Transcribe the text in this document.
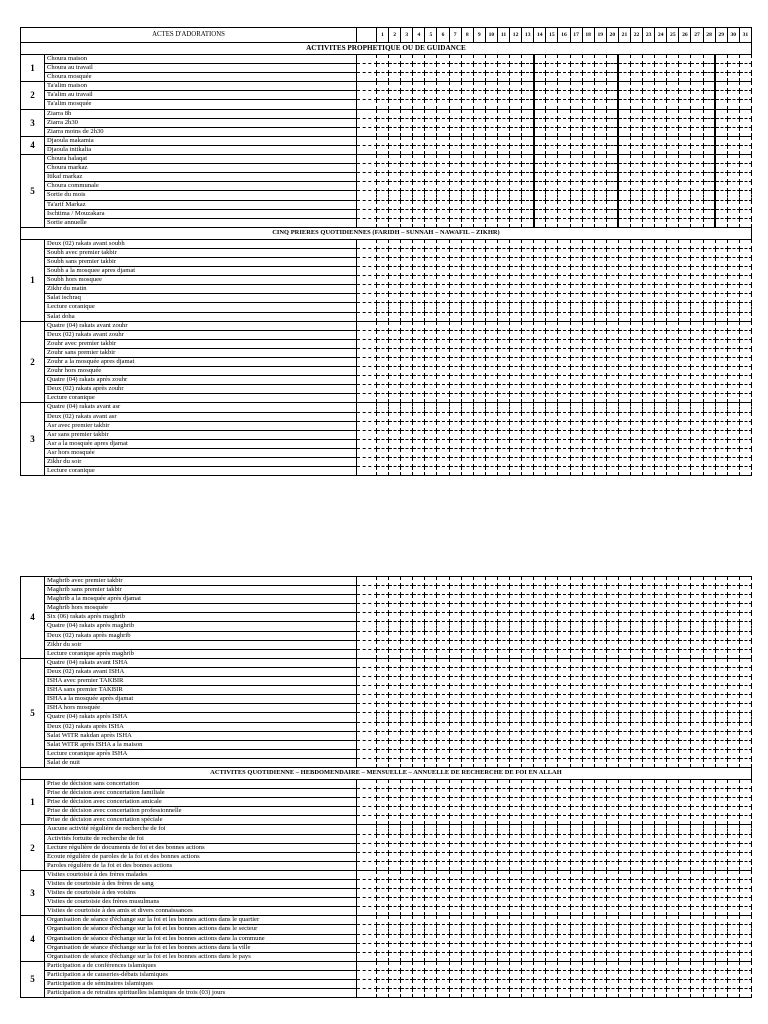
ACTES D'ADORATIONS			1	2	3	4	5	6	7	8	9	10	11	12	13	14	15	16	17	18	19	20	21	22	23	24	25	26	27	28	29	30	31
ACTIVITES PROPHETIQUE OU DE GUIDANCE																																	
1	Choura maison																																
	Choura au travail																																
	Choura mosquée																																
2	Ta'alim maison																																
	Ta'alim au travail																																
	Ta'alim mosquée																																
3	Ziarra 8h																																
	Ziarra 2h30																																
	Ziarra moins de 2h30																																
4	Djaoula makamia																																
	Djaoula intikalia																																
5	Choura halaqat																																
	Choura markaz																																
	Itikaf markaz																																
	Choura communale																																
	Sortie du mois																																
	Ta'arif Markaz																																
	Ischtima / Mouzakara																																
	Sortie annuelle																																
CINQ PRIERES QUOTIDIENNES (FARIDH – SUNNAH – NAWAFIL – ZIKHR)																																	
1	Deux (02) rakats avant soubh																																
	Soubh avec premier takbir																																
	Soubh sans premier takbir																																
	Soubh a la mosquee apres djamat																																
	Soubh hors mosquee																																
	Zikhr du matin																																
	Salat ischraq																																
	Lecture coranique																																
	Salat doha																																
2	Quatre (04) rakats avant zouhr																																
	Deux (02) rakats avant zouhr																																
	Zouhr avec premier takbir																																
	Zouhr sans premier takbir																																
	Zouhr a la mosquée apres djamat																																
	Zouhr hors mosquée																																
	Quatre (04) rakats après zouhr																																
	Deux (02) rakats après zouhr																																
	Lecture coranique																																
3	Quatre (04) rakats avant asr																																
	Deux (02) rakats avant asr																																
	Asr avec premier takbir																																
	Asr sans premier takbir																																
	Asr a la mosquée apres djamat																																
	Asr hors mosquée																																
	Zikhr du soir																																
	Lecture coranique																																
4	Maghrib avec premier takbir																																
	Maghrib sans premier takbir																																
	Maghrib a la mosquée après djamat																																
	Maghrib hors mosquée																																
	Six (06) rakats après maghrib																																
	Quatre (04) rakats après maghrib																																
	Deux (02) rakats après maghrib																																
	Zikhr du soir																																
	Lecture coranique après maghrib																																
5	Quatre (04) rakats avant ISHA																																
	Deux (02) rakats avant ISHA																																
	ISHA avec premier TAKBIR																																
	ISHA sans premier TAKBIR																																
	ISHA a la mosquée après djamat																																
	ISHA hors mosquée																																
	Quatre (04) rakats après ISHA																																
	Deux (02) rakats après ISHA																																
	Salat WITR nakdan après ISHA																																
	Salat WITR après ISHA a la maison																																
	Lecture coranique après ISHA																																
	Salat de nuit																																
ACTIVITES QUOTIDIENNE – HEBDOMENDAIRE – MENSUELLE – ANNUELLE DE RECHERCHE DE FOI EN ALLAH																																	
1	Prise de décision sans concertation																																
	Prise de décision avec concertation familiale																																
	Prise de décision avec concertation amicale																																
	Prise de décision avec concertation professionnelle																																
	Prise de décision avec concertation spéciale																																
2	Aucune activité régulière de recherche de foi																																
	Activités fortuite de recherche de foi																																
	Lecture régulière de documents de foi et des bonnes actions																																
	Ecoute régulière de paroles de la foi et des bonnes actions																																
	Paroles régulière de la foi et des bonnes actions																																
3	Visites courtoisie à des frères malades																																
	Visites de courtoisie à des frères de sang																																
	Visites de courtoisie à des voisins																																
	Visites de courtoisie des frères musulmans																																
	Visites de courtoisie à des amis et divers connaissances																																
4	Organisation de séance d'échange sur la foi et les bonnes actions dans le quartier																																
	Organisation de séance d'échange sur la foi et les bonnes actions dans le secteur																																
	Organisation de séance d'échange sur la foi et les bonnes actions dans la commune																																
	Organisation de séance d'échange sur la foi et les bonnes actions dans la ville																																
	Organisation de séance d'échange sur la foi et les bonnes actions dans le pays																																
5	Participation a de conférences islamiques																																
	Participation a de causeries-débats islamiques																																
	Participation a de séminaires islamiques																																
	Participation a de retraites spirituelles islamiques de trois (03) jours																																
